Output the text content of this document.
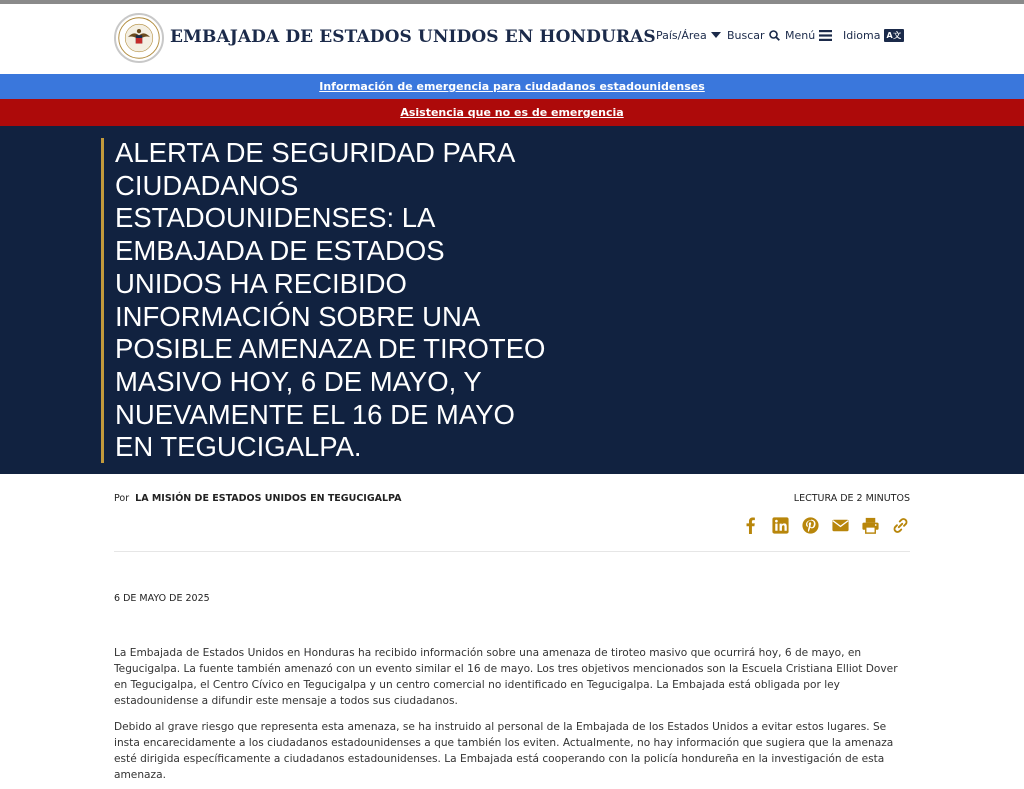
EMBAJADA DE ESTADOS UNIDOS EN HONDURAS País/Área Buscar Menú	Idioma A文
Información de emergencia para ciudadanos estadounidenses
Asistencia que no es de emergencia
ALERTA DE SEGURIDAD PARA CIUDADANOS ESTADOUNIDENSES: LA EMBAJADA DE ESTADOS UNIDOS HA RECIBIDO INFORMACIÓN SOBRE UNA POSIBLE AMENAZA DE TIROTEO MASIVO HOY, 6 DE MAYO, Y NUEVAMENTE EL 16 DE MAYO EN TEGUCIGALPA.
Por LA MISIÓN DE ESTADOS UNIDOS EN TEGUCIGALPA	LECTURA DE 2 MINUTOS
6 DE MAYO DE 2025

La Embajada de Estados Unidos en Honduras ha recibido información sobre una amenaza de tiroteo masivo que ocurrirá hoy, 6 de mayo, en Tegucigalpa. La fuente también amenazó con un evento similar el 16 de mayo. Los tres objetivos mencionados son la Escuela Cristiana Elliot Dover en Tegucigalpa, el Centro Cívico en Tegucigalpa y un centro comercial no identificado en Tegucigalpa. La Embajada está obligada por ley estadounidense a difundir este mensaje a todos sus ciudadanos.

Debido al grave riesgo que representa esta amenaza, se ha instruido al personal de la Embajada de los Estados Unidos a evitar estos lugares. Se insta encarecidamente a los ciudadanos estadounidenses a que también los eviten. Actualmente, no hay información que sugiera que la amenaza esté dirigida específicamente a ciudadanos estadounidenses. La Embajada está cooperando con la policía hondureña en la investigación de esta amenaza.
